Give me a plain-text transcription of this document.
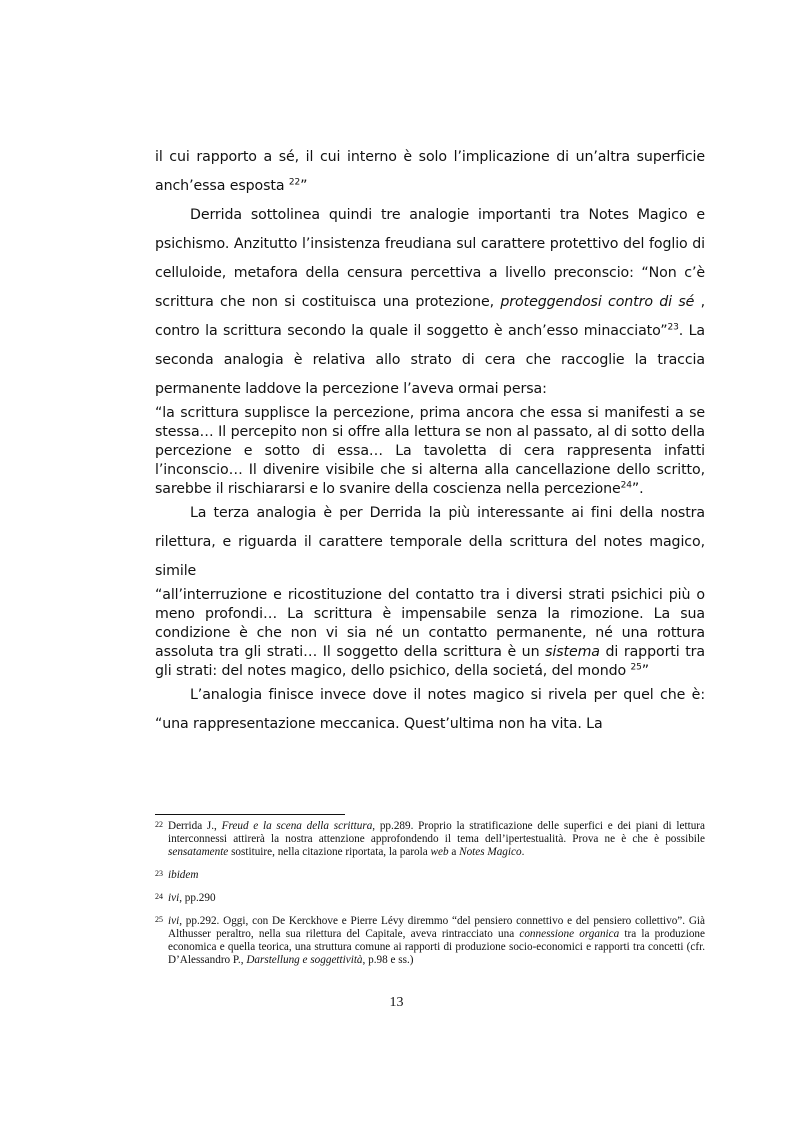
il cui rapporto a sé, il cui interno è solo l’implicazione di un’altra superficie anch’essa esposta $^{22}$”

Derrida sottolinea quindi tre analogie importanti tra Notes Magico e psichismo. Anzitutto l’insistenza freudiana sul carattere protettivo del foglio di celluloide, metafora della censura percettiva a livello preconscio: “Non c’è scrittura che non si costituisca una protezione, proteggendosi contro di sé , contro la scrittura secondo la quale il soggetto è anch’esso minacciato”$^{23}$. La seconda analogia è relativa allo strato di cera che raccoglie la traccia permanente laddove la percezione l’aveva ormai persa:

“la scrittura supplisce la percezione, prima ancora che essa si manifesti a se stessa… Il percepito non si offre alla lettura se non al passato, al di sotto della percezione e sotto di essa… La tavoletta di cera rappresenta infatti l’inconscio… Il divenire visibile che si alterna alla cancellazione dello scritto, sarebbe il rischiararsi e lo svanire della coscienza nella percezione$^{24}$”.

La terza analogia è per Derrida la più interessante ai fini della nostra rilettura, e riguarda il carattere temporale della scrittura del notes magico, simile

“all’interruzione e ricostituzione del contatto tra i diversi strati psichici più o meno profondi… La scrittura è impensabile senza la rimozione. La sua condizione è che non vi sia né un contatto permanente, né una rottura assoluta tra gli strati… Il soggetto della scrittura è un sistema di rapporti tra gli strati: del notes magico, dello psichico, della societá, del mondo $^{25}$”

L’analogia finisce invece dove il notes magico si rivela per quel che è: “una rappresentazione meccanica. Quest’ultima non ha vita. La

22 Derrida J., Freud e la scena della scrittura, pp.289. Proprio la stratificazione delle superfici e dei piani di lettura interconnessi attirerà la nostra attenzione approfondendo il tema dell’ipertestualità. Prova ne è che è possibile sensatamente sostituire, nella citazione riportata, la parola web a Notes Magico.
23 ibidem
24 ivi, pp.290
25 ivi, pp.292. Oggi, con De Kerckhove e Pierre Lévy diremmo “del pensiero connettivo e del pensiero collettivo”. Già Althusser peraltro, nella sua rilettura del Capitale, aveva rintracciato una connessione organica tra la produzione economica e quella teorica, una struttura comune ai rapporti di produzione socio-economici e rapporti tra concetti (cfr. D’Alessandro P., Darstellung e soggettività, p.98 e ss.)
13
